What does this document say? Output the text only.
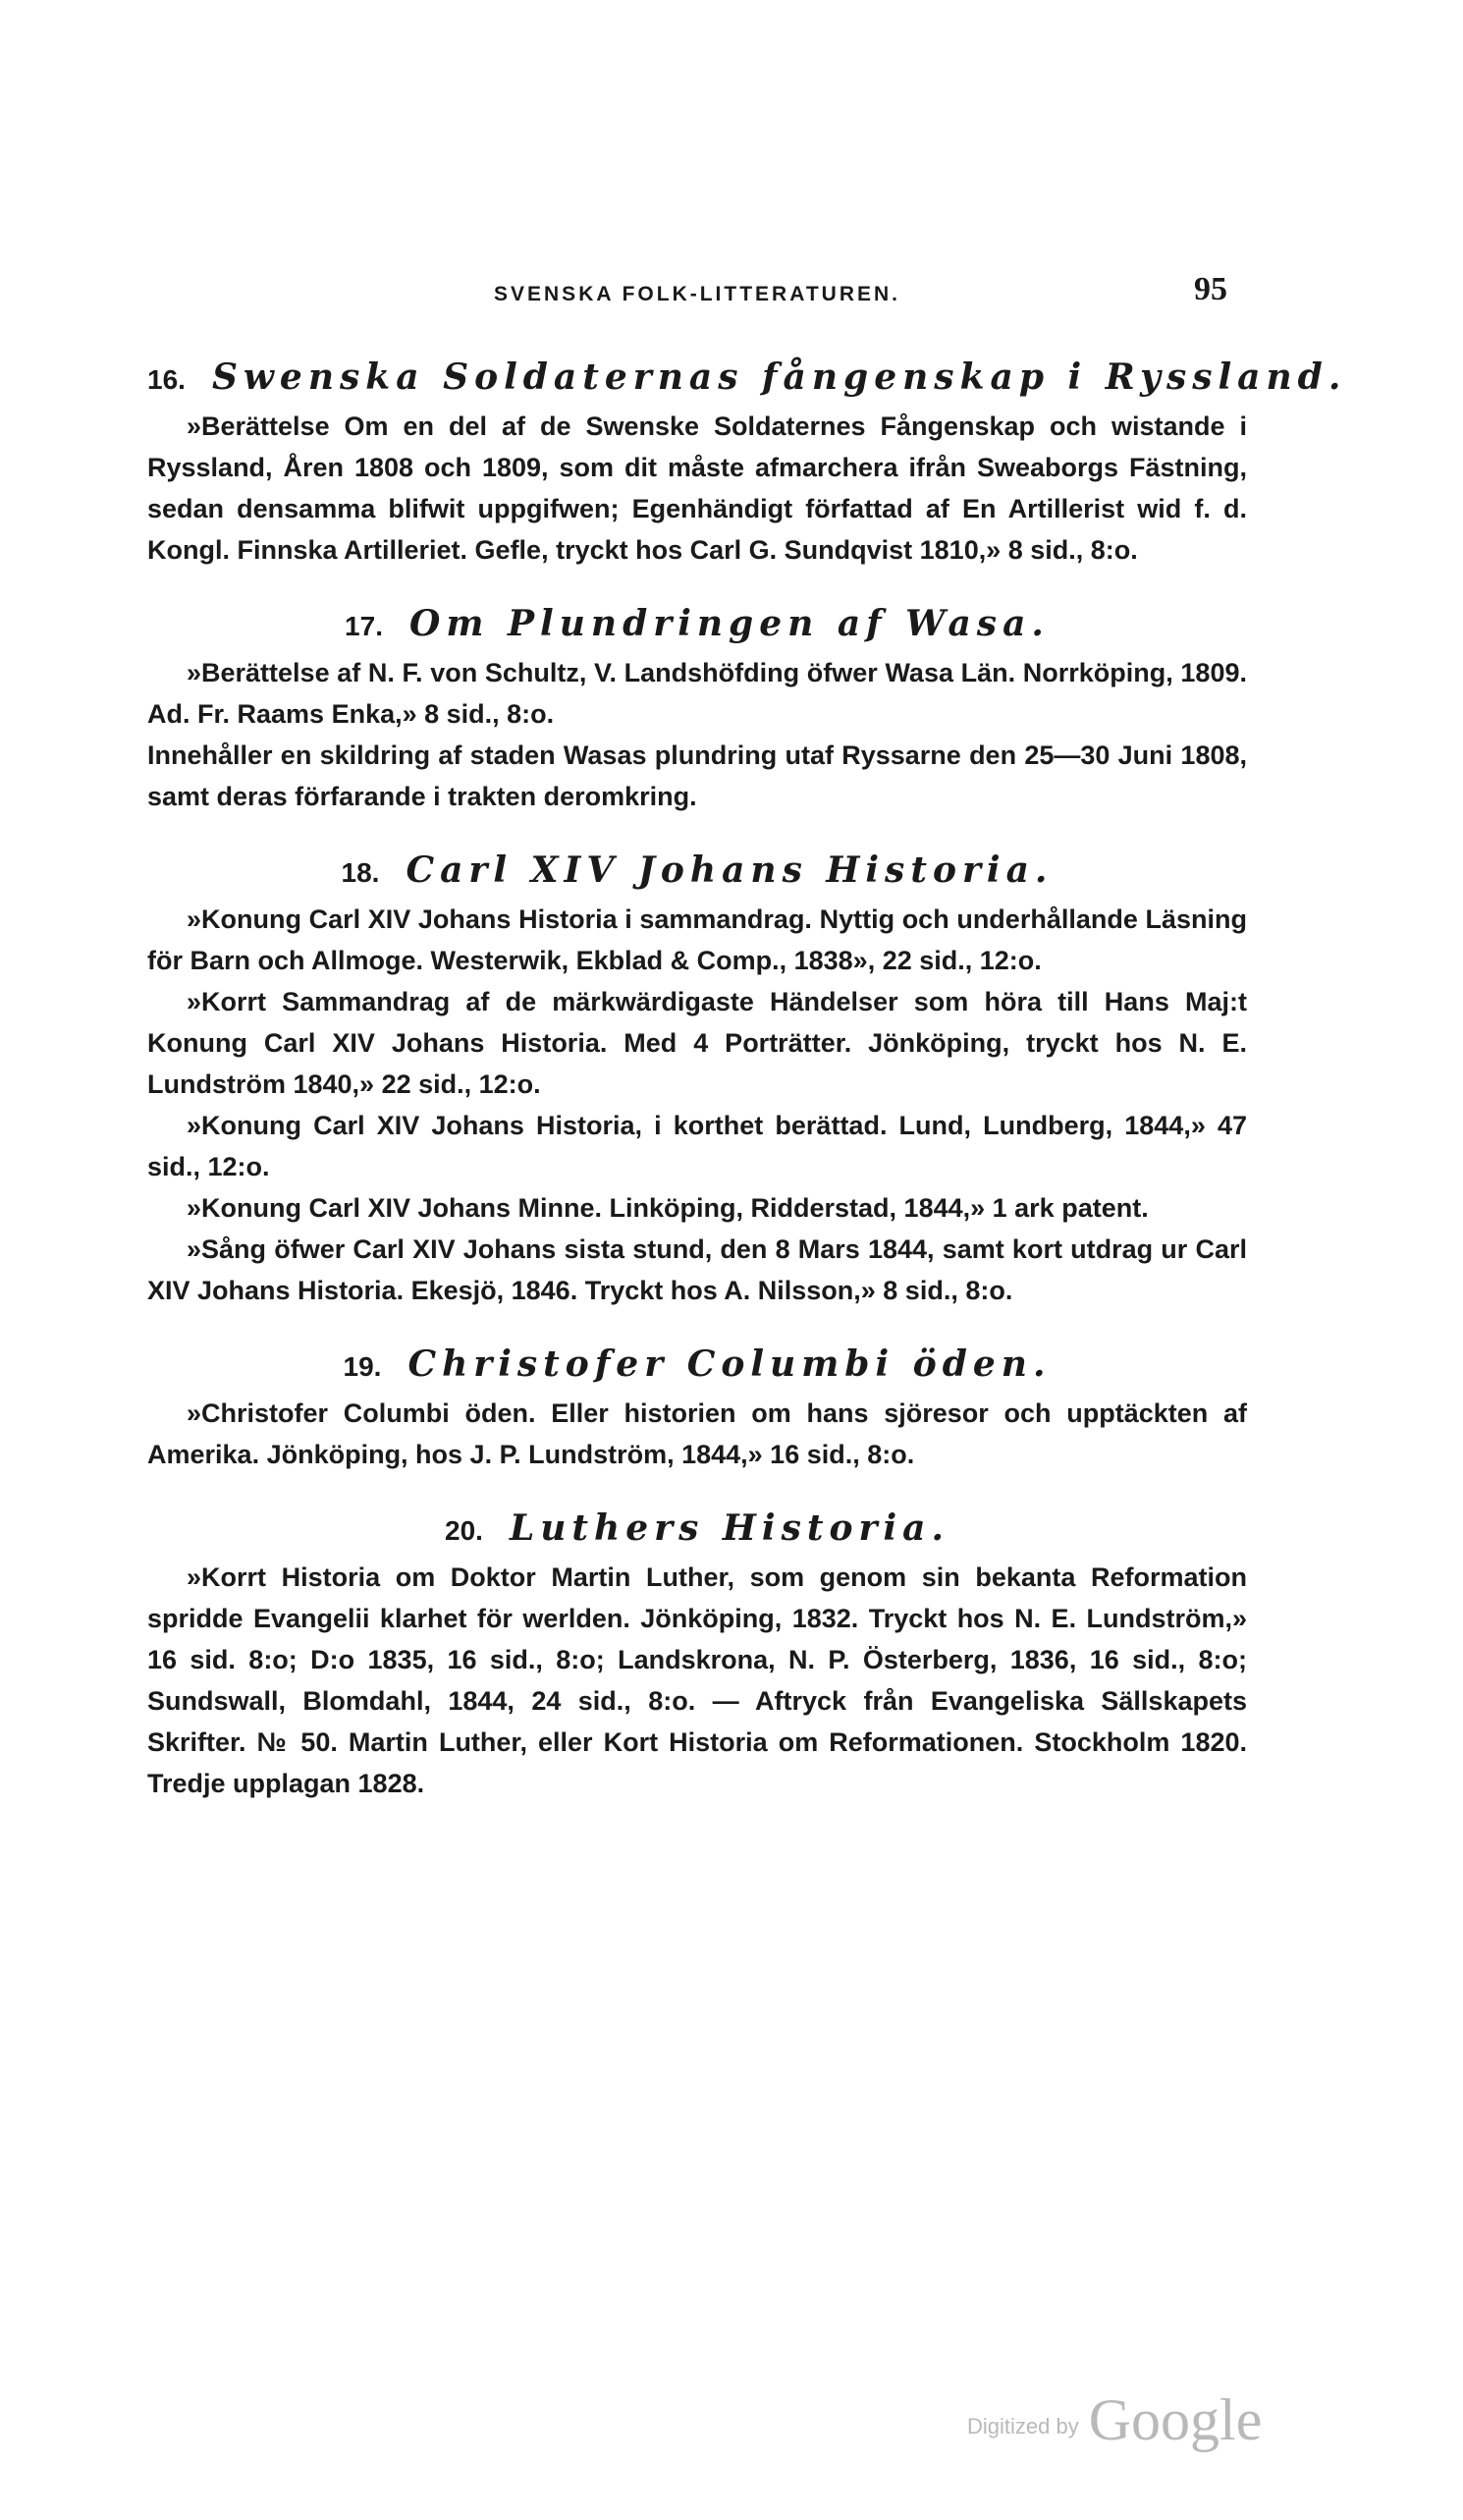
SVENSKA FOLK-LITTERATUREN.	95
16. Swenska Soldaternas fångenskap i Ryssland.

»Berättelse Om en del af de Swenske Soldaternes Fångenskap och wistande i Ryssland, Åren 1808 och 1809, som dit måste afmarchera ifrån Sweaborgs Fästning, sedan densamma blifwit uppgifwen; Egenhändigt författad af En Artillerist wid f. d. Kongl. Finnska Artilleriet. Gefle, tryckt hos Carl G. Sundqvist 1810,» 8 sid., 8:o.

17. Om Plundringen af Wasa.

»Berättelse af N. F. von Schultz, V. Landshöfding öfwer Wasa Län. Norrköping, 1809. Ad. Fr. Raams Enka,» 8 sid., 8:o.

Innehåller en skildring af staden Wasas plundring utaf Ryssarne den 25—30 Juni 1808, samt deras förfarande i trakten deromkring.

18. Carl XIV Johans Historia.

»Konung Carl XIV Johans Historia i sammandrag. Nyttig och underhållande Läsning för Barn och Allmoge. Westerwik, Ekblad & Comp., 1838», 22 sid., 12:o.

»Korrt Sammandrag af de märkwärdigaste Händelser som höra till Hans Maj:t Konung Carl XIV Johans Historia. Med 4 Porträtter. Jönköping, tryckt hos N. E. Lundström 1840,» 22 sid., 12:o.

»Konung Carl XIV Johans Historia, i korthet berättad. Lund, Lundberg, 1844,» 47 sid., 12:o.

»Konung Carl XIV Johans Minne. Linköping, Ridderstad, 1844,» 1 ark patent.

»Sång öfwer Carl XIV Johans sista stund, den 8 Mars 1844, samt kort utdrag ur Carl XIV Johans Historia. Ekesjö, 1846. Tryckt hos A. Nilsson,» 8 sid., 8:o.

19. Christofer Columbi öden.

»Christofer Columbi öden. Eller historien om hans sjöresor och upptäckten af Amerika. Jönköping, hos J. P. Lundström, 1844,» 16 sid., 8:o.

20. Luthers Historia.

»Korrt Historia om Doktor Martin Luther, som genom sin bekanta Reformation spridde Evangelii klarhet för werlden. Jönköping, 1832. Tryckt hos N. E. Lundström,» 16 sid. 8:o; D:o 1835, 16 sid., 8:o; Landskrona, N. P. Österberg, 1836, 16 sid., 8:o; Sundswall, Blomdahl, 1844, 24 sid., 8:o. — Aftryck från Evangeliska Sällskapets Skrifter. № 50. Martin Luther, eller Kort Historia om Reformationen. Stockholm 1820. Tredje upplagan 1828.

Digitized by Google
